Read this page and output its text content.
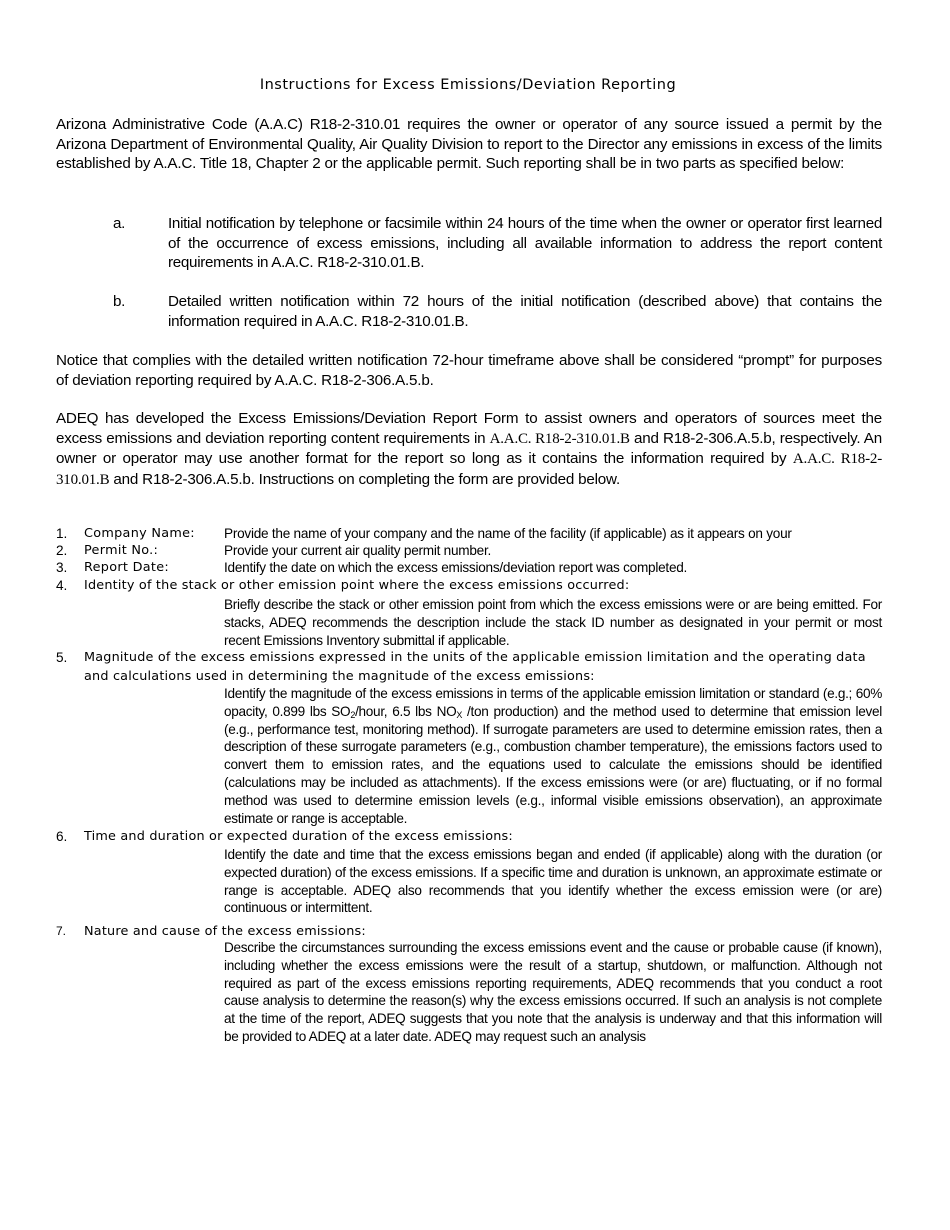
Instructions for Excess Emissions/Deviation Reporting
Arizona Administrative Code (A.A.C) R18-2-310.01 requires the owner or operator of any source issued a permit by the Arizona Department of Environmental Quality, Air Quality Division to report to the Director any emissions in excess of the limits established by A.A.C. Title 18, Chapter 2 or the applicable permit. Such reporting shall be in two parts as specified below:
a.	Initial notification by telephone or facsimile within 24 hours of the time when the owner or operator first learned of the occurrence of excess emissions, including all available information to address the report content requirements in A.A.C. R18-2-310.01.B.
b.	Detailed written notification within 72 hours of the initial notification (described above) that contains the information required in A.A.C. R18-2-310.01.B.
Notice that complies with the detailed written notification 72-hour timeframe above shall be considered “prompt” for purposes of deviation reporting required by A.A.C. R18-2-306.A.5.b.
ADEQ has developed the Excess Emissions/Deviation Report Form to assist owners and operators of sources meet the excess emissions and deviation reporting content requirements in A.A.C. R18-2-310.01.B and R18-2-306.A.5.b, respectively. An owner or operator may use another format for the report so long as it contains the information required by A.A.C. R18-2-310.01.B and R18-2-306.A.5.b. Instructions on completing the form are provided below.
1. Company Name: Provide the name of your company and the name of the facility (if applicable) as it appears on your
2. Permit No.:	Provide your current air quality permit number.
3. Report Date:	Identify the date on which the excess emissions/deviation report was completed.
4. Identity of the stack or other emission point where the excess emissions occurred:
Briefly describe the stack or other emission point from which the excess emissions were or are being emitted. For stacks, ADEQ recommends the description include the stack ID number as designated in your permit or most recent Emissions Inventory submittal if applicable.
5. Magnitude of the excess emissions expressed in the units of the applicable emission limitation and the operating data and calculations used in determining the magnitude of the excess emissions:
Identify the magnitude of the excess emissions in terms of the applicable emission limitation or standard (e.g.; 60% opacity, 0.899 lbs $SO_2$/hour, 6.5 lbs $NO_X$ /ton production) and the method used to determine that emission level (e.g., performance test, monitoring method). If surrogate parameters are used to determine emission rates, then a description of these surrogate parameters (e.g., combustion chamber temperature), the emissions factors used to convert them to emission rates, and the equations used to calculate the emissions should be identified (calculations may be included as attachments). If the excess emissions were (or are) fluctuating, or if no formal method was used to determine emission levels (e.g., informal visible emissions observation), an approximate estimate or range is acceptable.
6. Time and duration or expected duration of the excess emissions:
Identify the date and time that the excess emissions began and ended (if applicable) along with the duration (or expected duration) of the excess emissions. If a specific time and duration is unknown, an approximate estimate or range is acceptable. ADEQ also recommends that you identify whether the excess emission were (or are) continuous or intermittent.
7. Nature and cause of the excess emissions:
Describe the circumstances surrounding the excess emissions event and the cause or probable cause (if known), including whether the excess emissions were the result of a startup, shutdown, or malfunction. Although not required as part of the excess emissions reporting requirements, ADEQ recommends that you conduct a root cause analysis to determine the reason(s) why the excess emissions occurred. If such an analysis is not complete at the time of the report, ADEQ suggests that you note that the analysis is underway and that this information will be provided to ADEQ at a later date. ADEQ may request such an analysis
